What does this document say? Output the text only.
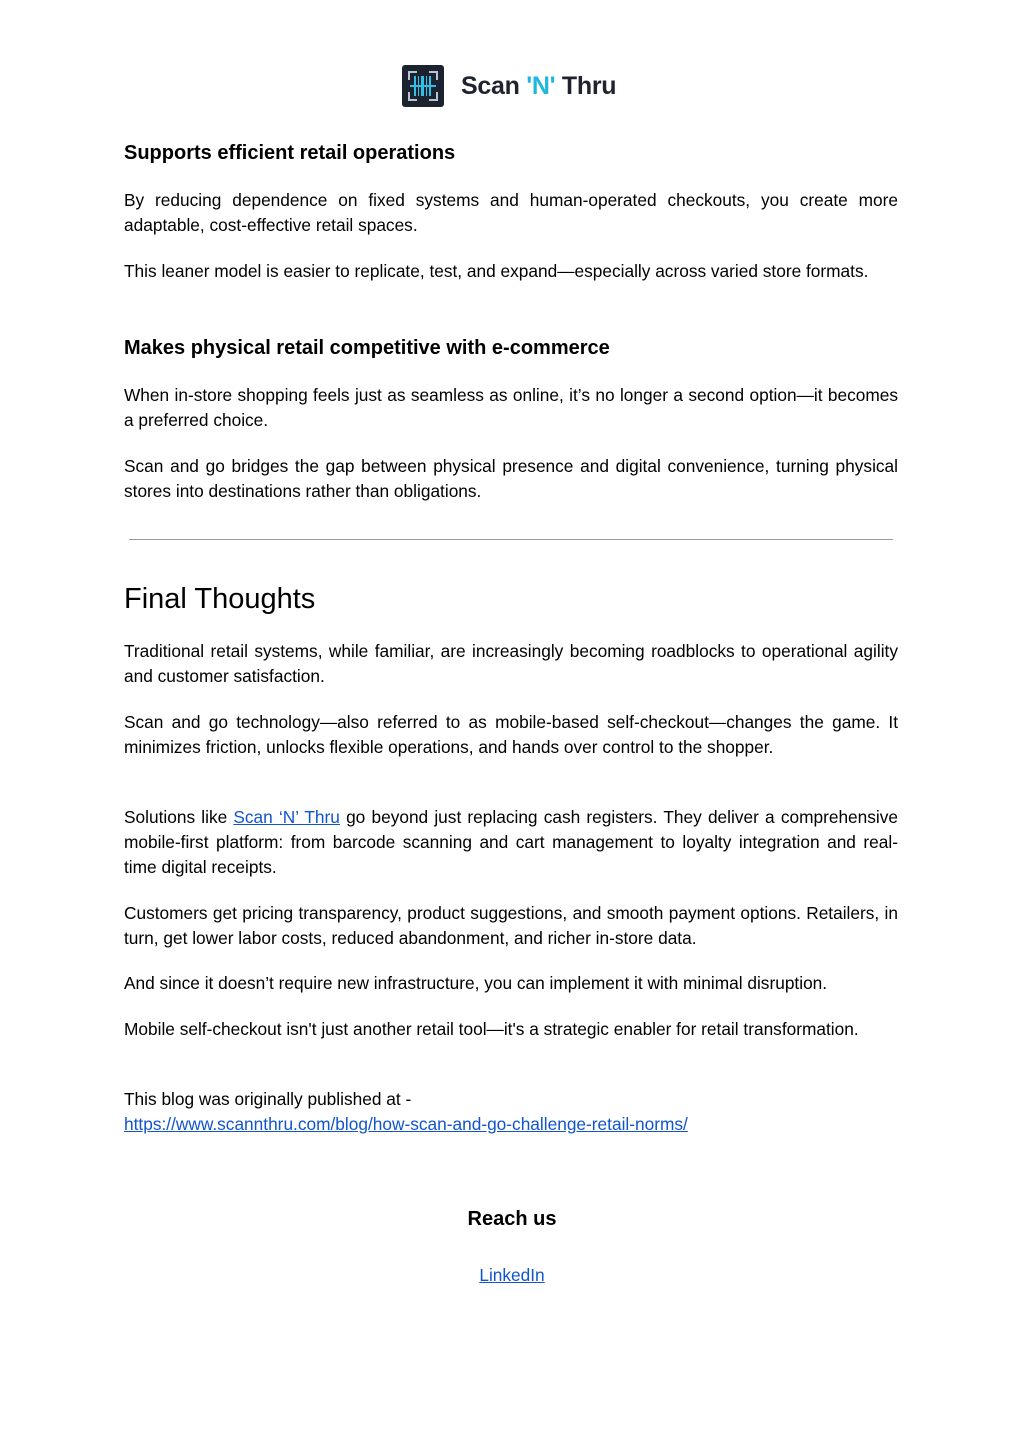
Scan 'N' Thru
Supports efficient retail operations

By reducing dependence on fixed systems and human-operated checkouts, you create more adaptable, cost-effective retail spaces.

This leaner model is easier to replicate, test, and expand—especially across varied store formats.

Makes physical retail competitive with e-commerce

When in-store shopping feels just as seamless as online, it’s no longer a second option—it becomes a preferred choice.

Scan and go bridges the gap between physical presence and digital convenience, turning physical stores into destinations rather than obligations.

Final Thoughts

Traditional retail systems, while familiar, are increasingly becoming roadblocks to operational agility and customer satisfaction.

Scan and go technology—also referred to as mobile-based self-checkout—changes the game. It minimizes friction, unlocks flexible operations, and hands over control to the shopper.

Solutions like Scan ‘N’ Thru go beyond just replacing cash registers. They deliver a comprehensive mobile-first platform: from barcode scanning and cart management to loyalty integration and real-time digital receipts.

Customers get pricing transparency, product suggestions, and smooth payment options. Retailers, in turn, get lower labor costs, reduced abandonment, and richer in-store data.

And since it doesn’t require new infrastructure, you can implement it with minimal disruption.

Mobile self-checkout isn't just another retail tool—it's a strategic enabler for retail transformation.

This blog was originally published at -
https://www.scannthru.com/blog/how-scan-and-go-challenge-retail-norms/

Reach us

LinkedIn
